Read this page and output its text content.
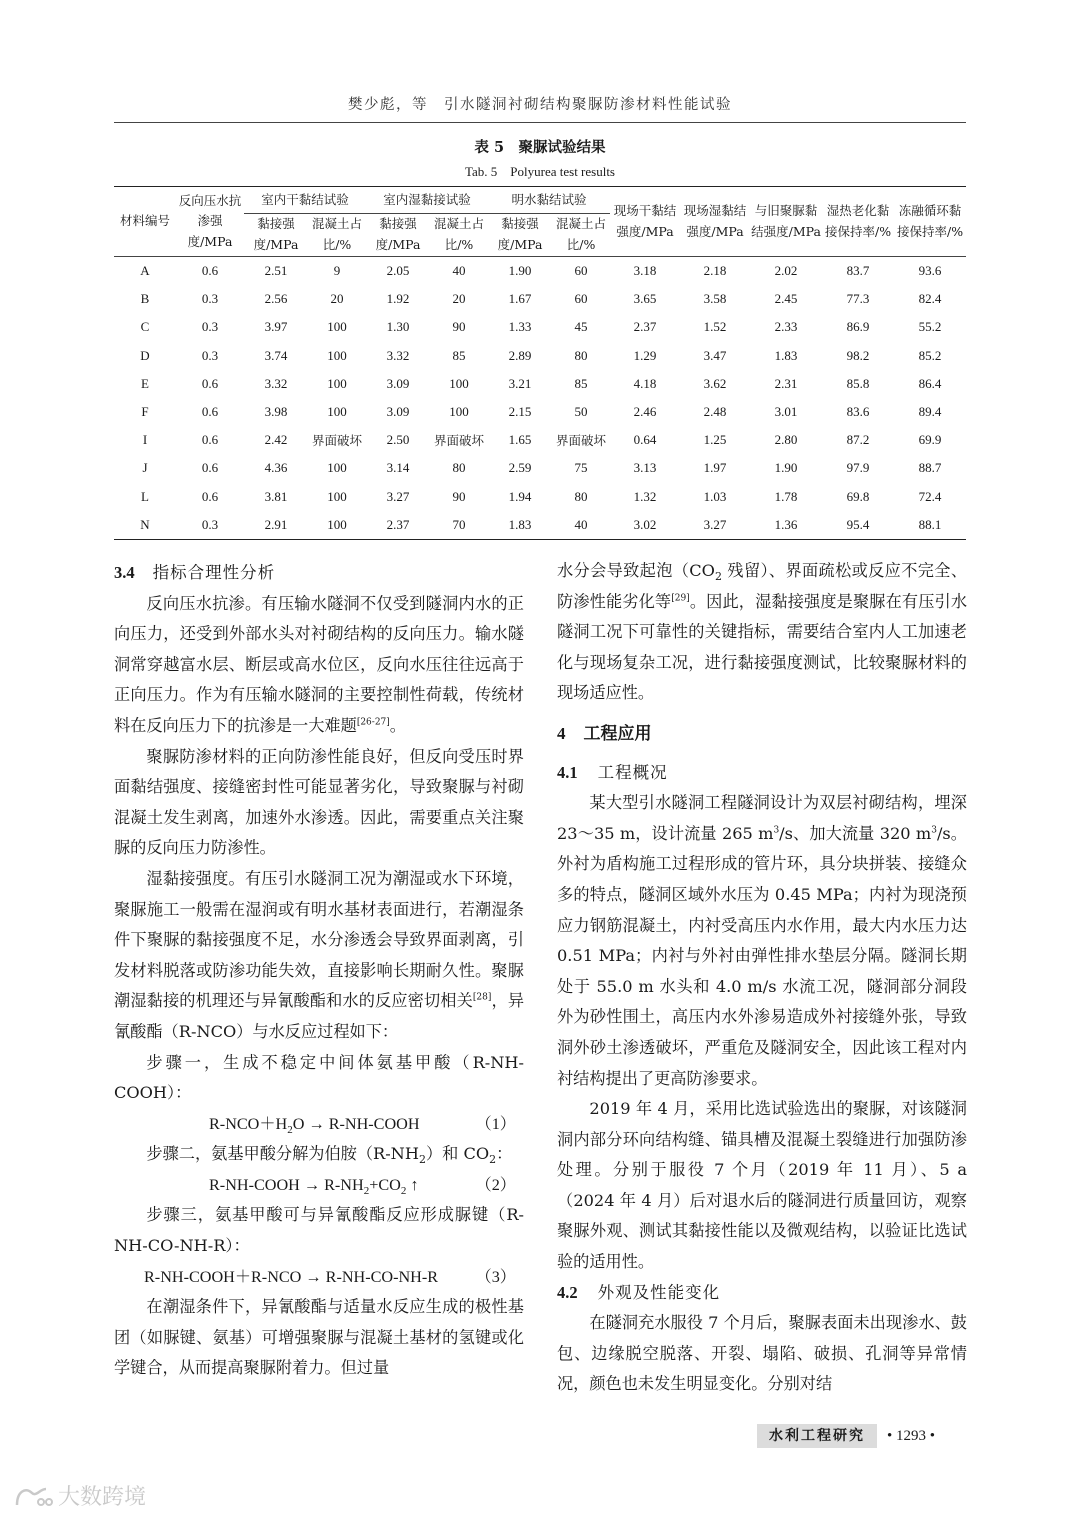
樊少彪，等　引水隧洞衬砌结构聚脲防渗材料性能试验
表 5　聚脲试验结果
Tab. 5　Polyurea test results
材料编号	反向压水抗渗强度/MPa	室内干黏结试验		室内湿黏接试验		明水黏结试验		现场干黏结强度/MPa	现场湿黏结强度/MPa	与旧聚脲黏结强度/MPa	湿热老化黏接保持率/%	冻融循环黏接保持率/%
		黏接强度/MPa	混凝土占比/%	黏接强度/MPa	混凝土占比/%	黏接强度/MPa	混凝土占比/%					
A	0.6	2.51	9	2.05	40	1.90	60	3.18	2.18	2.02	83.7	93.6
B	0.3	2.56	20	1.92	20	1.67	60	3.65	3.58	2.45	77.3	82.4
C	0.3	3.97	100	1.30	90	1.33	45	2.37	1.52	2.33	86.9	55.2
D	0.3	3.74	100	3.32	85	2.89	80	1.29	3.47	1.83	98.2	85.2
E	0.6	3.32	100	3.09	100	3.21	85	4.18	3.62	2.31	85.8	86.4
F	0.6	3.98	100	3.09	100	2.15	50	2.46	2.48	3.01	83.6	89.4
I	0.6	2.42	界面破坏	2.50	界面破坏	1.65	界面破坏	0.64	1.25	2.80	87.2	69.9
J	0.6	4.36	100	3.14	80	2.59	75	3.13	1.97	1.90	97.9	88.7
L	0.6	3.81	100	3.27	90	1.94	80	1.32	1.03	1.78	69.8	72.4
N	0.3	2.91	100	2.37	70	1.83	40	3.02	3.27	1.36	95.4	88.1
3.4 指标合理性分析

反向压水抗渗。有压输水隧洞不仅受到隧洞内水的正向压力，还受到外部水头对衬砌结构的反向压力。输水隧洞常穿越富水层、断层或高水位区，反向水压往往远高于正向压力。作为有压输水隧洞的主要控制性荷载，传统材料在反向压力下的抗渗是一大难题[26-27]。

聚脲防渗材料的正向防渗性能良好，但反向受压时界面黏结强度、接缝密封性可能显著劣化，导致聚脲与衬砌混凝土发生剥离，加速外水渗透。因此，需要重点关注聚脲的反向压力防渗性。

湿黏接强度。有压引水隧洞工况为潮湿或水下环境，聚脲施工一般需在湿润或有明水基材表面进行，若潮湿条件下聚脲的黏接强度不足，水分渗透会导致界面剥离，引发材料脱落或防渗功能失效，直接影响长期耐久性。聚脲潮湿黏接的机理还与异氰酸酯和水的反应密切相关[28]，异氰酸酯（R-NCO）与水反应过程如下：

步骤一，生成不稳定中间体氨基甲酸（R-NH-COOH）：

$R-NCO+H_2O$ → R-NH-COOH	（1）

步骤二，氨基甲酸分解为伯胺$(R-NH_2)$和 $CO_2$：

R-NH-COOH → $R-NH_2+CO_2$ ↑	（2）

步骤三，氨基甲酸可与异氰酸酯反应形成脲键（R-NH-CO-NH-R）：

R-NH-COOH＋R-NCO → R-NH-CO-NH-R （3）

在潮湿条件下，异氰酸酯与适量水反应生成的极性基团（如脲键、氨基）可增强聚脲与混凝土基材的氢键或化学键合，从而提高聚脲附着力。但过量

水分会导致起泡（$CO_2$ 残留）、界面疏松或反应不完全、防渗性能劣化等[29]。因此，湿黏接强度是聚脲在有压引水隧洞工况下可靠性的关键指标，需要结合室内人工加速老化与现场复杂工况，进行黏接强度测试，比较聚脲材料的现场适应性。

4 工程应用
4.1 工程概况

某大型引水隧洞工程隧洞设计为双层衬砌结构，埋深 23～35 m，设计流量 265 $m^3/s$、加大流量 320 $m^3/s$。外衬为盾构施工过程形成的管片环，具分块拼装、接缝众多的特点，隧洞区域外水压为 0.45 MPa；内衬为现浇预应力钢筋混凝土，内衬受高压内水作用，最大内水压力达 0.51 MPa；内衬与外衬由弹性排水垫层分隔。隧洞长期处于 55.0 m 水头和 4.0 m/s 水流工况，隧洞部分洞段外为砂性围土，高压内水外渗易造成外衬接缝外张，导致洞外砂土渗透破坏，严重危及隧洞安全，因此该工程对内衬结构提出了更高防渗要求。

2019 年 4 月，采用比选试验选出的聚脲，对该隧洞洞内部分环向结构缝、锚具槽及混凝土裂缝进行加强防渗处理。分别于服役 7 个月（2019 年 11 月）、5 a（2024 年 4 月）后对退水后的隧洞进行质量回访，观察聚脲外观、测试其黏接性能以及微观结构，以验证比选试验的适用性。

4.2 外观及性能变化

在隧洞充水服役 7 个月后，聚脲表面未出现渗水、鼓包、边缘脱空脱落、开裂、塌陷、破损、孔洞等异常情况，颜色也未发生明显变化。分别对结

水利工程研究	• 1293 •
大数跨境
